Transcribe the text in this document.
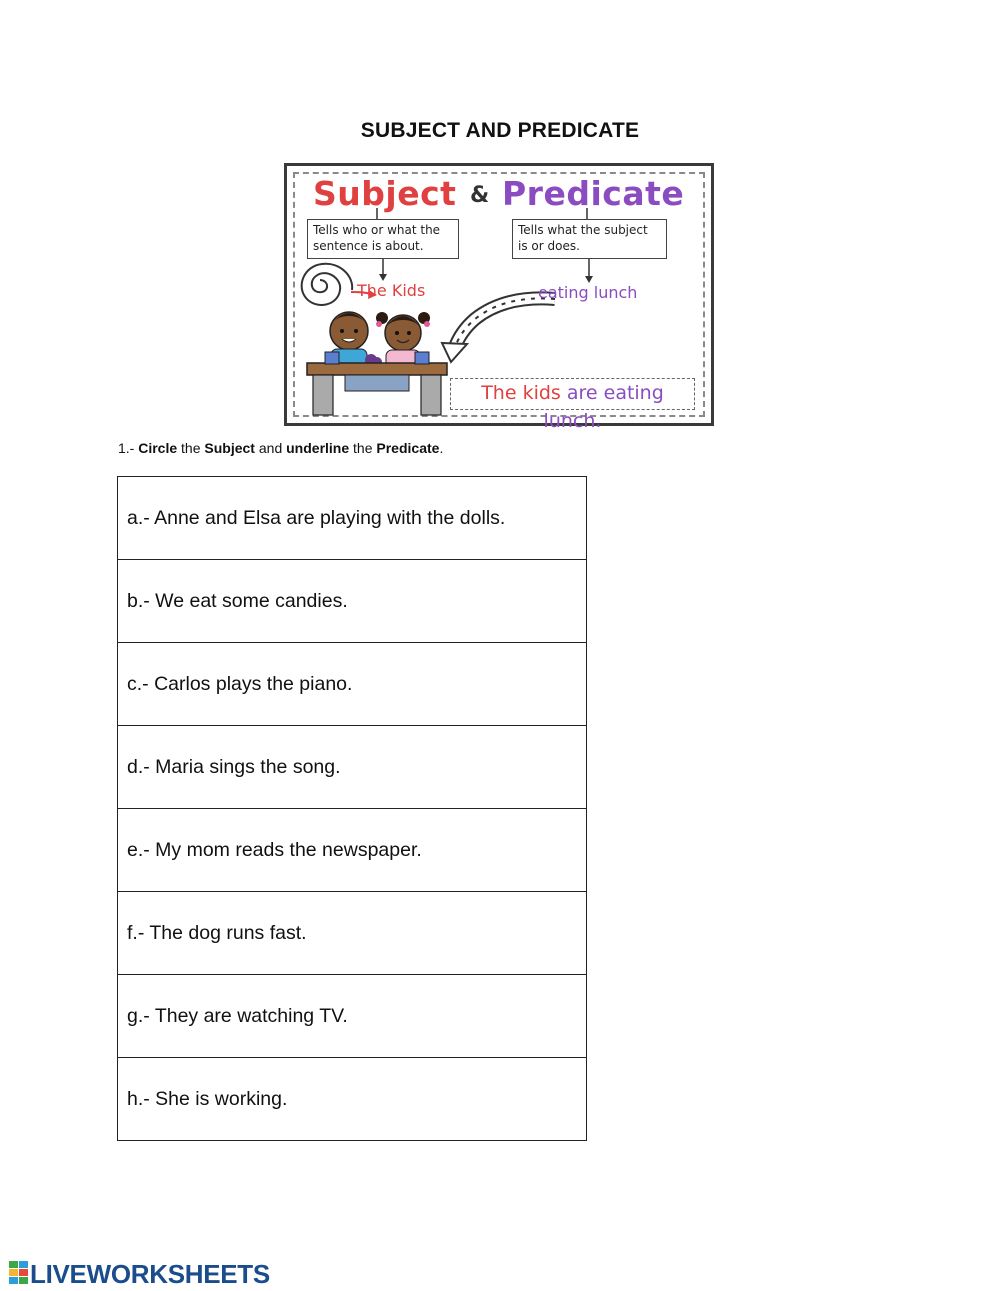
SUBJECT AND PREDICATE
Subject & Predicate
Tells who or what the sentence is about.
Tells what the subject is or does.
The Kids	eating lunch
The kids are eating lunch.
1.- Circle the Subject and underline the Predicate.
a.- Anne and Elsa are playing with the dolls.
b.- We eat some candies.
c.- Carlos plays the piano.
d.- Maria sings the song.
e.- My mom reads the newspaper.
f.- The dog runs fast.
g.- They are watching TV.
h.- She is working.
LIVEWORKSHEETS
